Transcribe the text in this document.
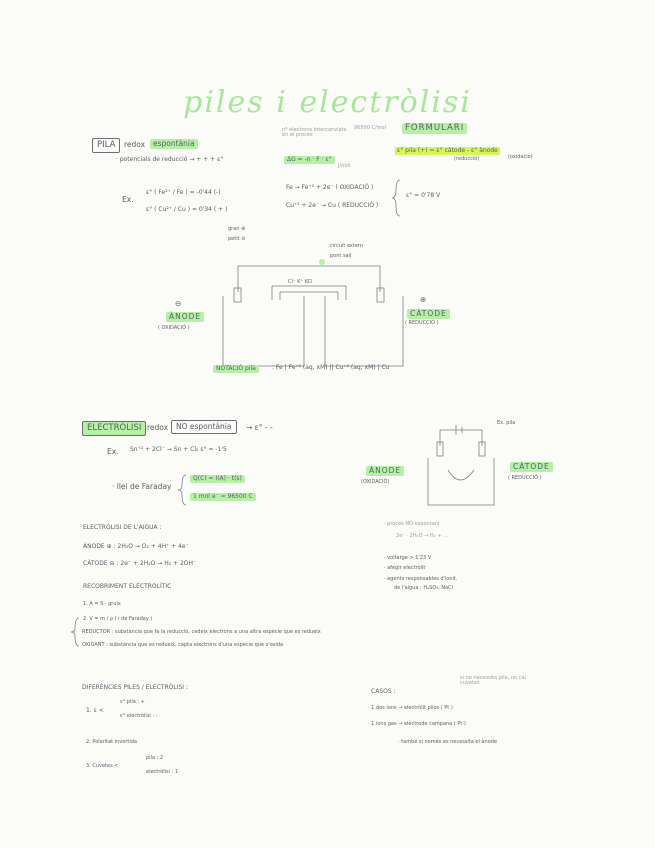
piles i electròlisi
PILA	redox	espontània
· potencials de reducció → + + + ε°	ΔG = -n · F · ε°
nº electrons intercanviats en el procés
96500 C/mol
J/mol
FORMULARI
ε° pila (+) = ε° càtode - ε° ànode
(reducció)	(oxidació)
Ex.
ε° ( Fe²⁺ / Fe ) = -0'44 (-)
ε° ( Cu²⁺ / Cu ) = 0'34 ( + )
Fe → Fe⁺² + 2e⁻ ( OXIDACIÓ )
Cu⁺² + 2e⁻ → Cu ( REDUCCIÓ )
ε° = 0'78 V
gran ⊕
petit ⊖
circuit extern
pont salí
Cl⁻ K⁺ KCl
⊖
ÀNODE
( OXIDACIÓ )
⊕
CÀTODE
( REDUCCIÓ )
NOTACIÓ pila	: Fe | Fe⁺² (aq, xM) || Cu⁺² (aq, xM) | Cu
ELECTRÒLISI redox	NO espontània	→ ε° - -
Ex. Sn⁺² + 2Cl⁻ → Sn + Cl₂ ε° = -1'5
· llei de Faraday
Q(C) = I(A) · t(s)
1 mol e⁻ = 96500 C
Ex. pila
ÀNODE
(OXIDACIÓ)
CÀTODE
( REDUCCIÓ )
ELECTRÒLISI DE L'AIGUA :
ÀNODE ⊕ : 2H₂O → O₂ + 4H⁺ + 4e⁻
CÀTODE ⊖ : 2e⁻ + 2H₂O → H₂ + 2OH⁻
· procés NO espontani
2e⁻ · 2H₂O → H₂ + ...
· voltatge > 1'23 V
· afegir electròlit
· agents responsables d'ionit.
de l'aigua : H₂SO₄, NaCl
RECOBRIMENT ELECTROLÍTIC
1. A = S · gruix
2. V = m / ρ ( i de Faraday )
REDUCTOR : substància que fa la reducció, cedeix electrons a una altra espècie que es redueix
OXIDANT : substància que es redueix, capta electrons d'una espècie que s'oxida
DIFERÈNCIES PILES / ELECTRÒLISI :
1. ε <
ε° pila : +
ε° electròlisi : -
2. Polaritat invertida
3. Cuvetes <
pila : 2
electròlisi : 1
CASOS :
si no necessita pila, no cal cuvetes
· 1 dos ions → electròlit pilos ( Pt )
· 1 ions gas → elèctrode campana ( Pt )
· també si només es necessita el ànode
